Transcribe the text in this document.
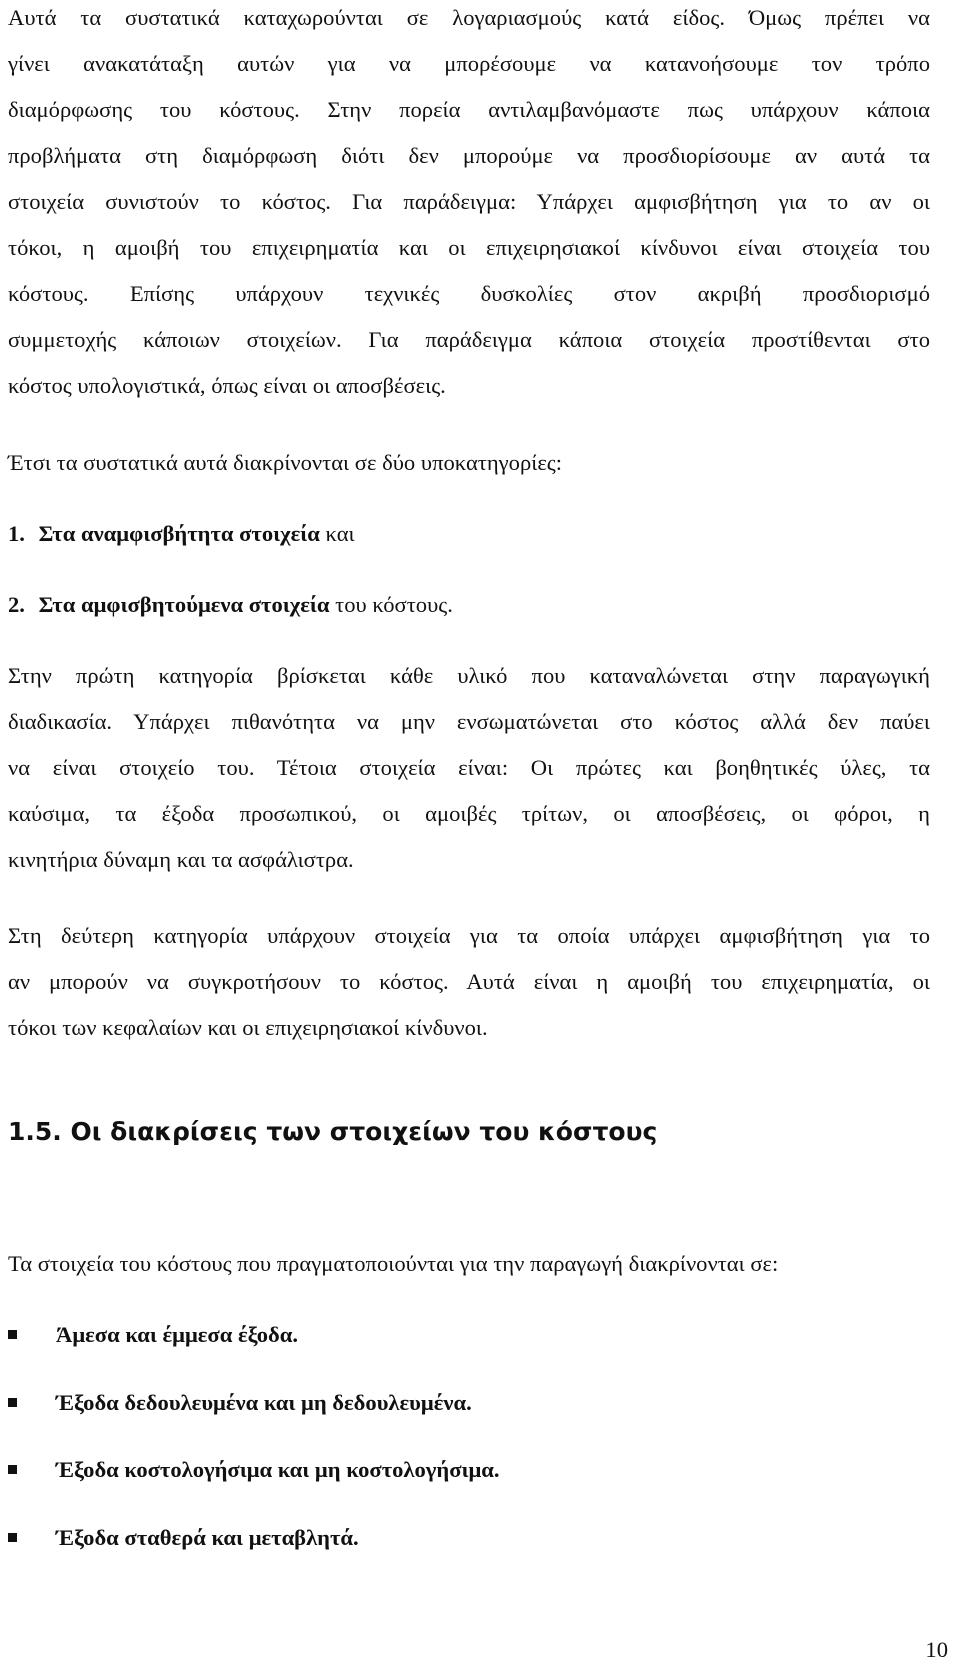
Αυτά τα συστατικά καταχωρούνται σε λογαριασμούς κατά είδος. Όμως πρέπει να
γίνει ανακατάταξη αυτών για να μπορέσουμε να κατανοήσουμε τον τρόπο
διαμόρφωσης του κόστους. Στην πορεία αντιλαμβανόμαστε πως υπάρχουν κάποια
προβλήματα στη διαμόρφωση διότι δεν μπορούμε να προσδιορίσουμε αν αυτά τα
στοιχεία συνιστούν το κόστος. Για παράδειγμα: Υπάρχει αμφισβήτηση για το αν οι
τόκοι, η αμοιβή του επιχειρηματία και οι επιχειρησιακοί κίνδυνοι είναι στοιχεία του
κόστους. Επίσης υπάρχουν τεχνικές δυσκολίες στον ακριβή προσδιορισμό
συμμετοχής κάποιων στοιχείων. Για παράδειγμα κάποια στοιχεία προστίθενται στο
κόστος υπολογιστικά, όπως είναι οι αποσβέσεις.
Έτσι τα συστατικά αυτά διακρίνονται σε δύο υποκατηγορίες:
1. Στα αναμφισβήτητα στοιχεία και
2. Στα αμφισβητούμενα στοιχεία του κόστους.
Στην πρώτη κατηγορία βρίσκεται κάθε υλικό που καταναλώνεται στην παραγωγική
διαδικασία. Υπάρχει πιθανότητα να μην ενσωματώνεται στο κόστος αλλά δεν παύει
να είναι στοιχείο του. Τέτοια στοιχεία είναι: Οι πρώτες και βοηθητικές ύλες, τα
καύσιμα, τα έξοδα προσωπικού, οι αμοιβές τρίτων, οι αποσβέσεις, οι φόροι, η
κινητήρια δύναμη και τα ασφάλιστρα.
Στη δεύτερη κατηγορία υπάρχουν στοιχεία για τα οποία υπάρχει αμφισβήτηση για το
αν μπορούν να συγκροτήσουν το κόστος. Αυτά είναι η αμοιβή του επιχειρηματία, οι
τόκοι των κεφαλαίων και οι επιχειρησιακοί κίνδυνοι.
1.5. Οι διακρίσεις των στοιχείων του κόστους
Τα στοιχεία του κόστους που πραγματοποιούνται για την παραγωγή διακρίνονται σε:
Άμεσα και έμμεσα έξοδα.
Έξοδα δεδουλευμένα και μη δεδουλευμένα.
Έξοδα κοστολογήσιμα και μη κοστολογήσιμα.
Έξοδα σταθερά και μεταβλητά.
10
